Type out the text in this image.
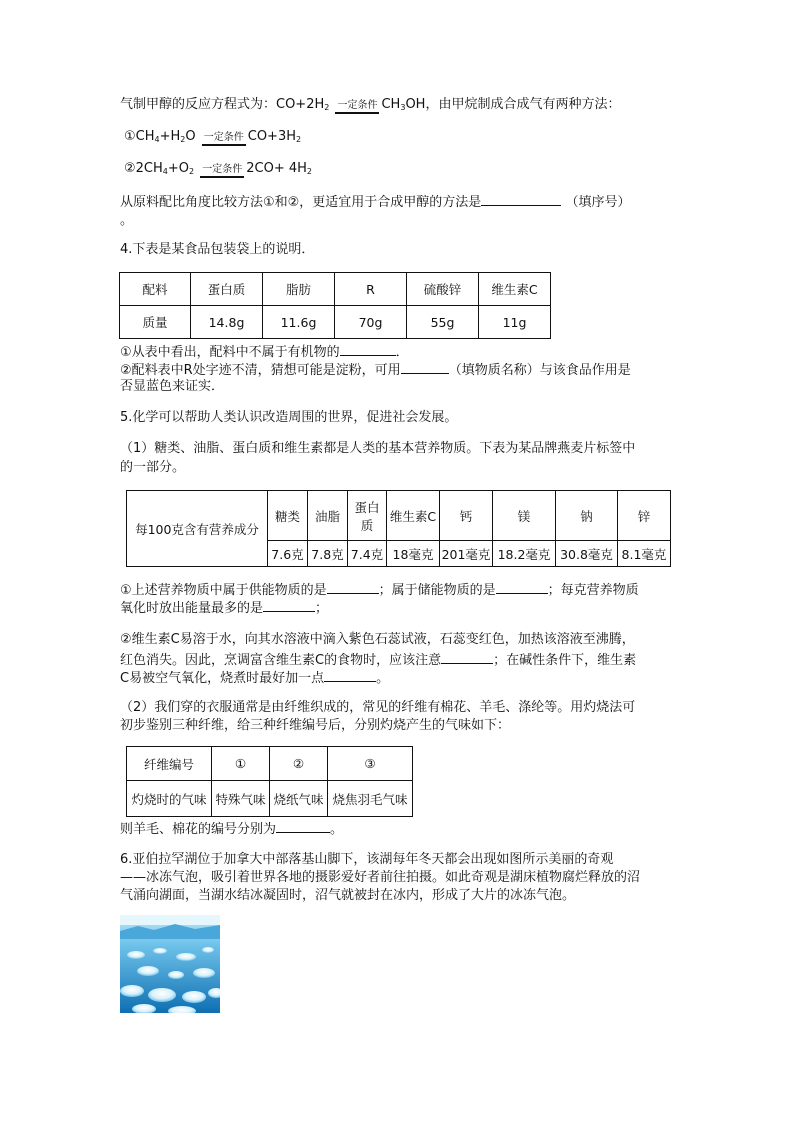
气制甲醇的反应方程式为：$CO+2H_2$ 一定条件 $CH_3OH$，由甲烷制成合成气有两种方法：
$①CH_4+H_2O$ 一定条件 $CO+3H_2$
$②2CH_4+O_2$ 一定条件 $2CO+ 4H_2$
从原料配比角度比较方法①和②，更适宜用于合成甲醇的方法是	（填序号）
。
4.下表是某食品包装袋上的说明．
配料	蛋白质	脂肪	R	硫酸锌	维生素C
质量	14.8g	11.6g	70g	55g	11g
①从表中看出，配料中不属于有机物的	．
②配料表中R处字迹不清，猜想可能是淀粉，可用	（填物质名称）与该食品作用是
否显蓝色来证实．
5.化学可以帮助人类认识改造周围的世界，促进社会发展。
（1）糖类、油脂、蛋白质和维生素都是人类的基本营养物质。下表为某品牌燕麦片标签中
的一部分。
每100克含有营养成分	糖类	油脂	蛋白质	维生素C	钙	镁	钠	锌
	7.6克	7.8克	7.4克	18毫克	201毫克	18.2毫克	30.8毫克	8.1毫克
①上述营养物质中属于供能物质的是	；属于储能物质的是	；每克营养物质
氧化时放出能量最多的是	；
②维生素C易溶于水，向其水溶液中滴入紫色石蕊试液，石蕊变红色，加热该溶液至沸腾，
红色消失。因此，烹调富含维生素C的食物时，应该注意	；在碱性条件下，维生素
C易被空气氧化，烧煮时最好加一点	。
（2）我们穿的衣服通常是由纤维织成的，常见的纤维有棉花、羊毛、涤纶等。用灼烧法可
初步鉴别三种纤维，给三种纤维编号后，分别灼烧产生的气味如下：
纤维编号	①	②	③
灼烧时的气味	特殊气味	烧纸气味	烧焦羽毛气味
则羊毛、棉花的编号分别为	。
6.亚伯拉罕湖位于加拿大中部落基山脚下，该湖每年冬天都会出现如图所示美丽的奇观
——冰冻气泡，吸引着世界各地的摄影爱好者前往拍摄。如此奇观是湖床植物腐烂释放的沼
气涌向湖面，当湖水结冰凝固时，沼气就被封在冰内，形成了大片的冰冻气泡。
